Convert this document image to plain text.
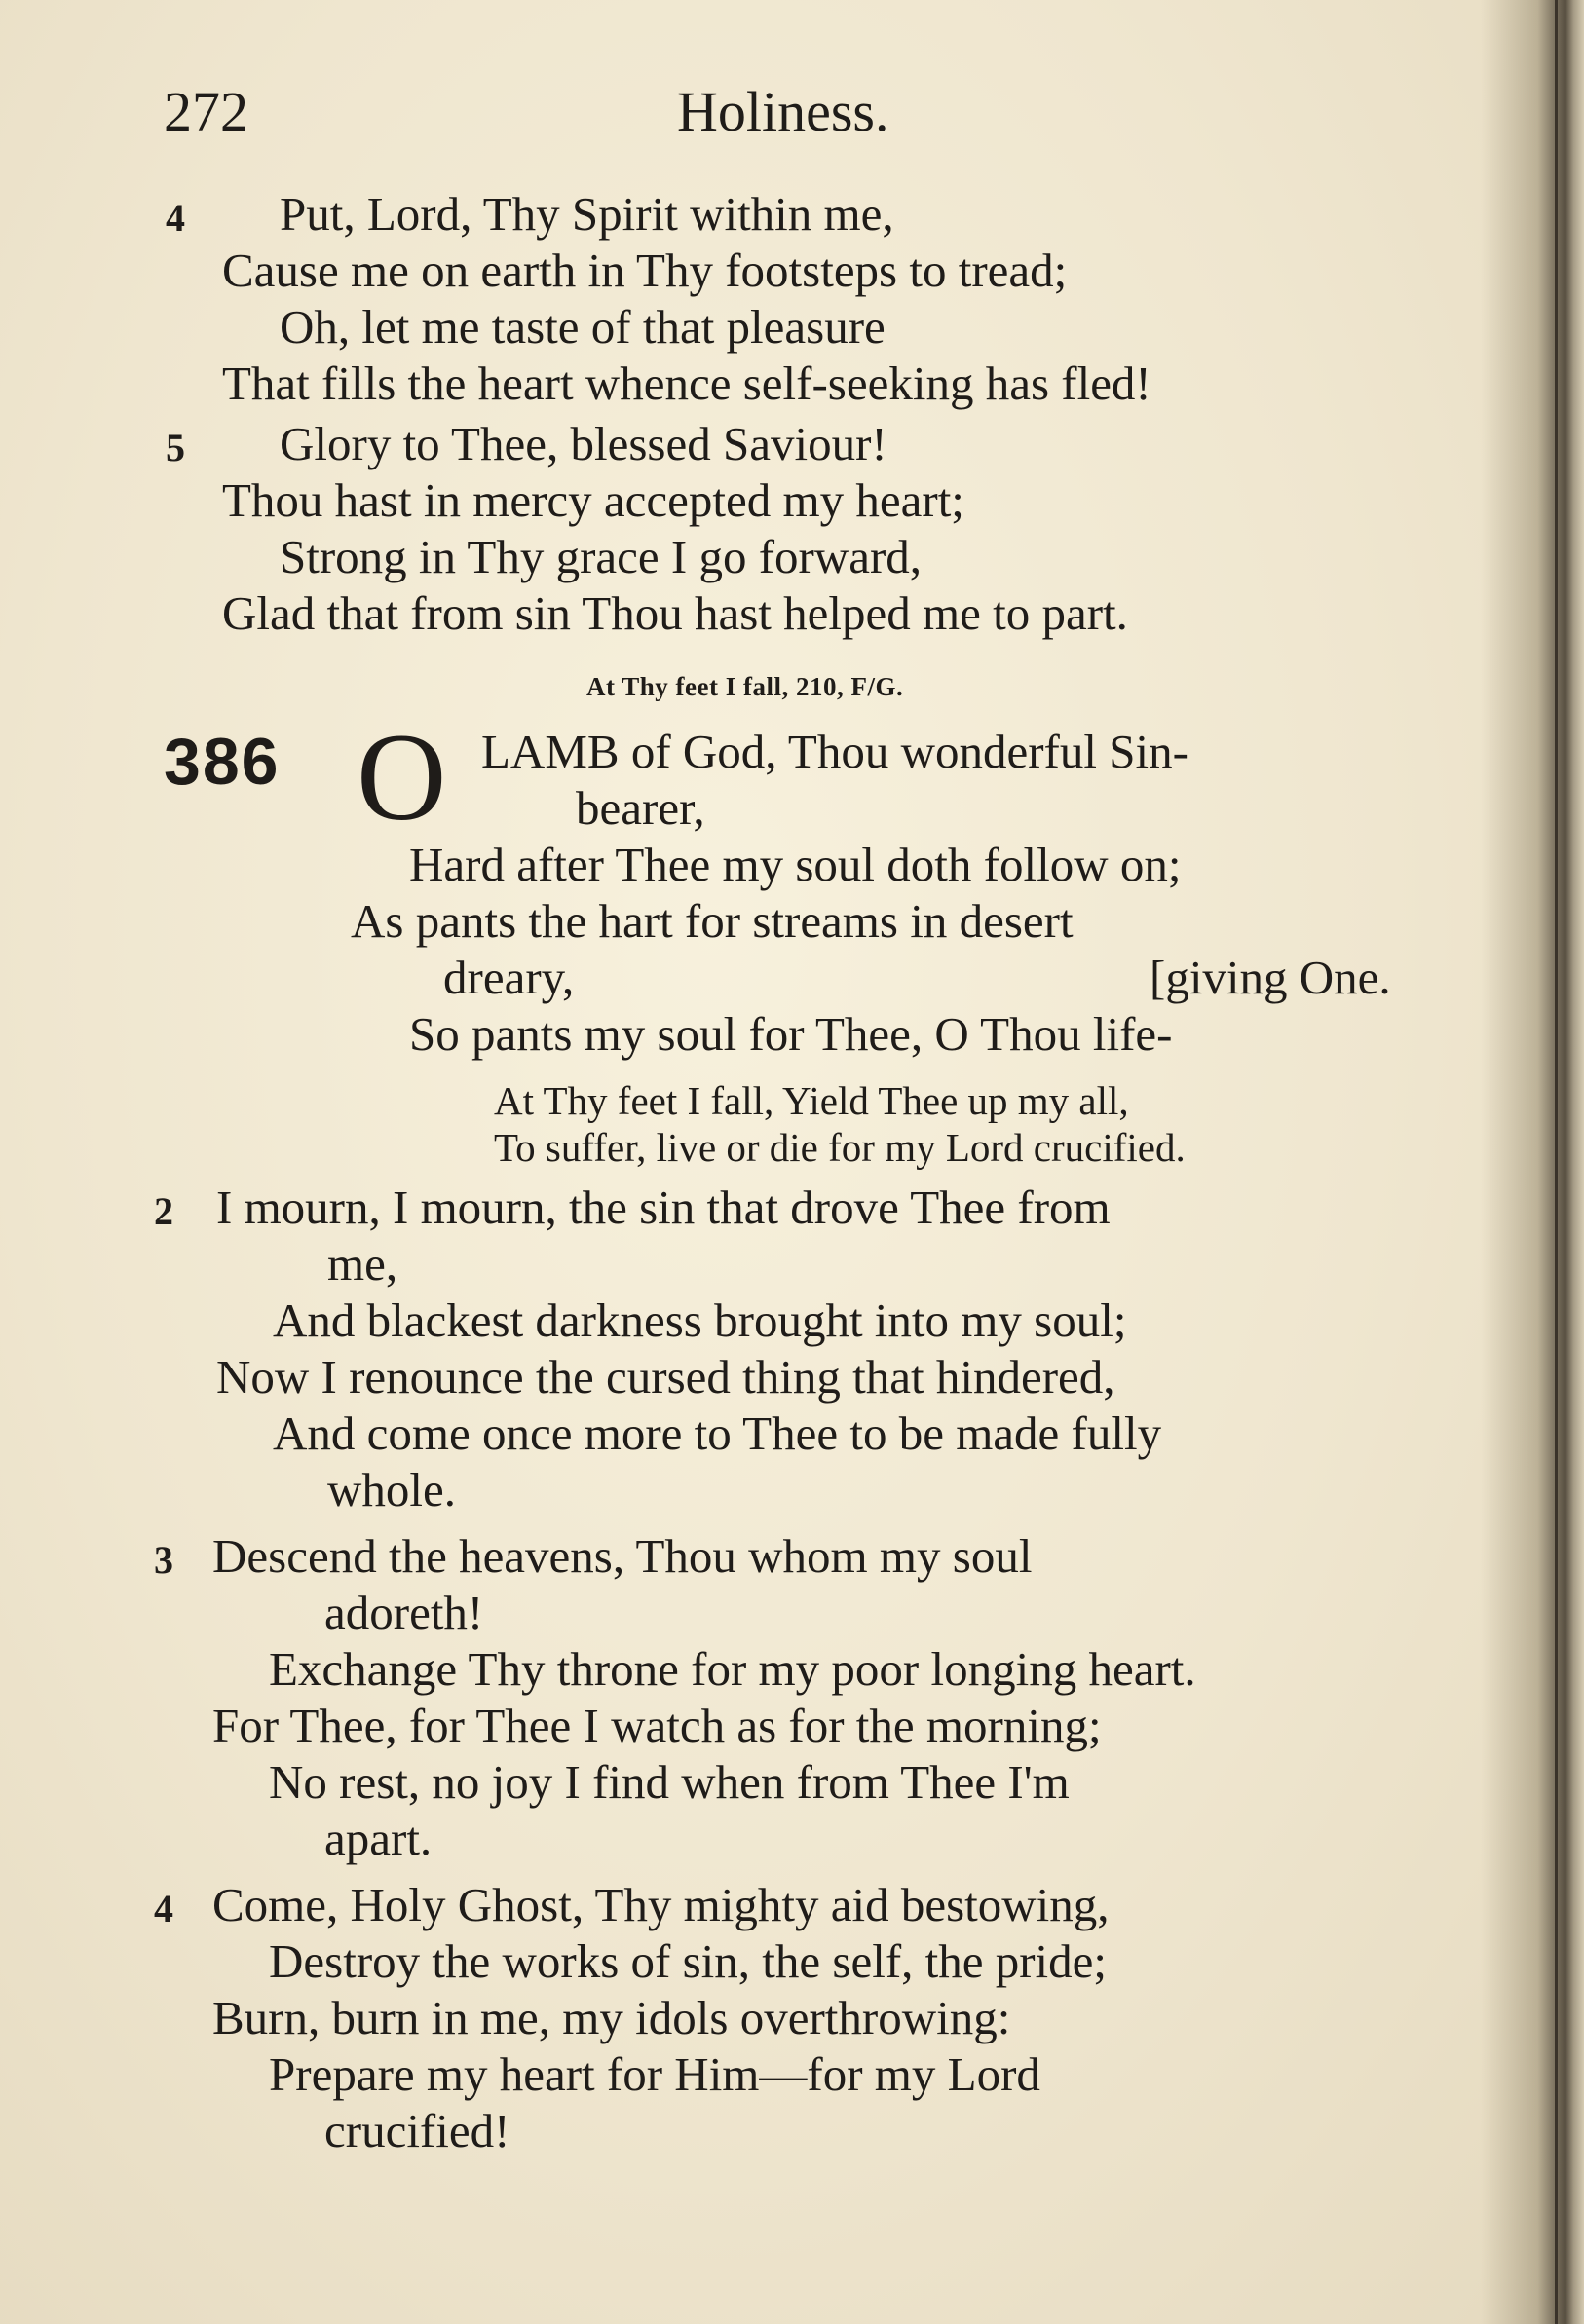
272	Holiness.
4 Put, Lord, Thy Spirit within me,
Cause me on earth in Thy footsteps to tread;
Oh, let me taste of that pleasure
That fills the heart whence self-seeking has fled!
5 Glory to Thee, blessed Saviour!
Thou hast in mercy accepted my heart;
Strong in Thy grace I go forward,
Glad that from sin Thou hast helped me to part.
At Thy feet I fall, 210, F/G.
386 O LAMB of God, Thou wonderful Sin-
bearer,
Hard after Thee my soul doth follow on;
As pants the hart for streams in desert
dreary,	[giving One.
So pants my soul for Thee, O Thou life-
At Thy feet I fall, Yield Thee up my all,
To suffer, live or die for my Lord crucified.
2 I mourn, I mourn, the sin that drove Thee from
me,
And blackest darkness brought into my soul;
Now I renounce the cursed thing that hindered,
And come once more to Thee to be made fully
whole.
3 Descend the heavens, Thou whom my soul
adoreth!
Exchange Thy throne for my poor longing heart.
For Thee, for Thee I watch as for the morning;
No rest, no joy I find when from Thee I'm
apart.
4 Come, Holy Ghost, Thy mighty aid bestowing,
Destroy the works of sin, the self, the pride;
Burn, burn in me, my idols overthrowing:
Prepare my heart for Him—for my Lord
crucified!
